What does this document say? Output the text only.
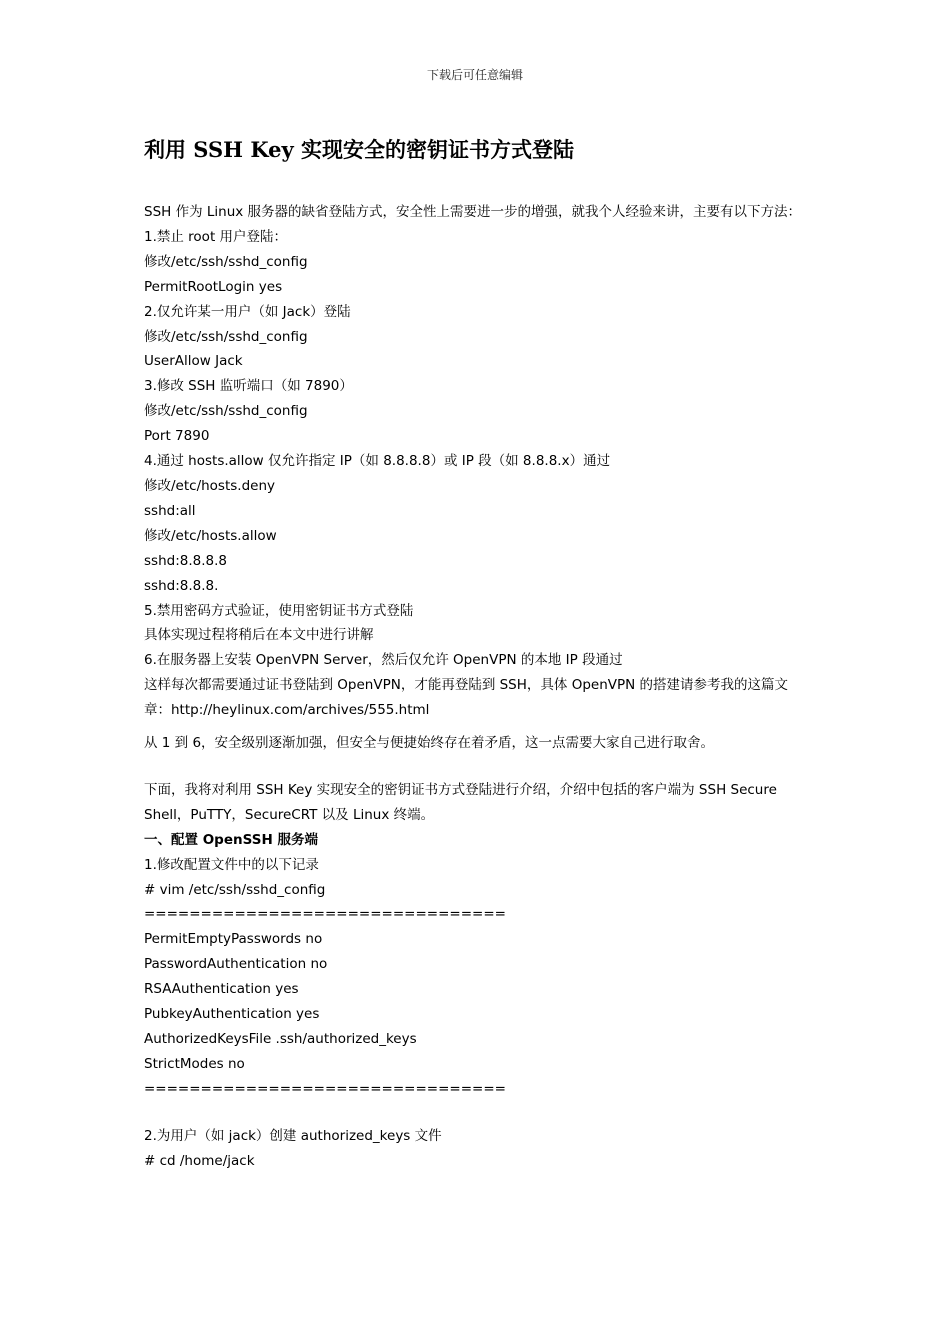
下载后可任意编辑
利用 SSH Key 实现安全的密钥证书方式登陆

SSH 作为 Linux 服务器的缺省登陆方式，安全性上需要进一步的增强，就我个人经验来讲，主要有以下方法：

1.禁止 root 用户登陆：

修改/etc/ssh/sshd_config

PermitRootLogin yes

2.仅允许某一用户（如 Jack）登陆

修改/etc/ssh/sshd_config

UserAllow Jack

3.修改 SSH 监听端口（如 7890）

修改/etc/ssh/sshd_config

Port 7890

4.通过 hosts.allow 仅允许指定 IP（如 8.8.8.8）或 IP 段（如 8.8.8.x）通过

修改/etc/hosts.deny

sshd:all

修改/etc/hosts.allow

sshd:8.8.8.8

sshd:8.8.8.

5.禁用密码方式验证，使用密钥证书方式登陆

具体实现过程将稍后在本文中进行讲解

6.在服务器上安装 OpenVPN Server，然后仅允许 OpenVPN 的本地 IP 段通过

这样每次都需要通过证书登陆到 OpenVPN，才能再登陆到 SSH，具体 OpenVPN 的搭建请参考我的这篇文章：http://heylinux.com/archives/555.html

从 1 到 6，安全级别逐渐加强，但安全与便捷始终存在着矛盾，这一点需要大家自己进行取舍。

下面，我将对利用 SSH Key 实现安全的密钥证书方式登陆进行介绍，介绍中包括的客户端为 SSH Secure Shell，PuTTY，SecureCRT 以及 Linux 终端。

一、配置 OpenSSH 服务端

1.修改配置文件中的以下记录

# vim /etc/ssh/sshd_config

================================

PermitEmptyPasswords no

PasswordAuthentication no

RSAAuthentication yes

PubkeyAuthentication yes

AuthorizedKeysFile .ssh/authorized_keys

StrictModes no

================================

2.为用户（如 jack）创建 authorized_keys 文件

# cd /home/jack
